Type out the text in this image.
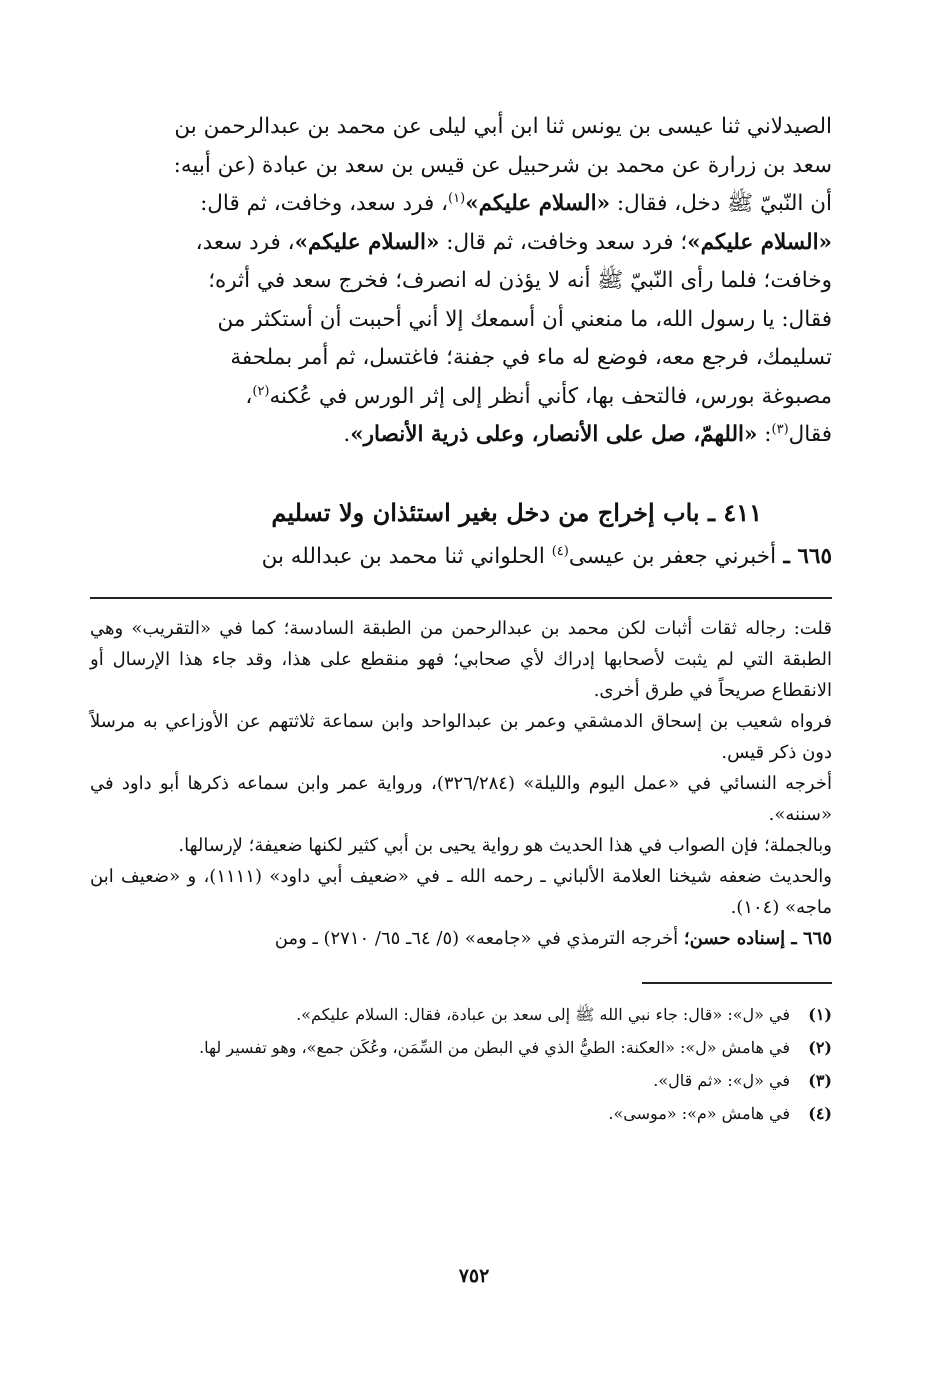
الصيدلاني ثنا عيسى بن يونس ثنا ابن أبي ليلى عن محمد بن عبدالرحمن بن

سعد بن زرارة عن محمد بن شرحبيل عن قيس بن سعد بن عبادة (عن أبيه:

أن النّبيّ ﷺ دخل، فقال: «السلام عليكم»$^{(١)}$، فرد سعد، وخافت، ثم قال:

«السلام عليكم»؛ فرد سعد وخافت، ثم قال: «السلام عليكم»، فرد سعد،

وخافت؛ فلما رأى النّبيّ ﷺ أنه لا يؤذن له انصرف؛ فخرج سعد في أثره؛

فقال: يا رسول الله، ما منعني أن أسمعك إلا أني أحببت أن أستكثر من

تسليمك، فرجع معه، فوضع له ماء في جفنة؛ فاغتسل، ثم أمر بملحفة

مصبوغة بورس، فالتحف بها، كأني أنظر إلى إثر الورس في عُكنه$^{(٢)}$،

فقال$^{(٣)}$: «اللهمّ، صل على الأنصار، وعلى ذرية الأنصار».

٤١١ ـ باب إخراج من دخل بغير استئذان ولا تسليم
٦٦٥ ـ أخبرني جعفر بن عيسى$^{(٤)}$ الحلواني ثنا محمد بن عبدالله بن

قلت: رجاله ثقات أثبات لكن محمد بن عبدالرحمن من الطبقة السادسة؛ كما في «التقريب» وهي الطبقة التي لم يثبت لأصحابها إدراك لأي صحابي؛ فهو منقطع على هذا، وقد جاء هذا الإرسال أو الانقطاع صريحاً في طرق أخرى.

فرواه شعيب بن إسحاق الدمشقي وعمر بن عبدالواحد وابن سماعة ثلاثتهم عن الأوزاعي به مرسلاً دون ذكر قيس.

أخرجه النسائي في «عمل اليوم والليلة» (٣٢٦/٢٨٤)، ورواية عمر وابن سماعه ذكرها أبو داود في «سننه».

وبالجملة؛ فإن الصواب في هذا الحديث هو رواية يحيى بن أبي كثير لكنها ضعيفة؛ لإرسالها.

والحديث ضعفه شيخنا العلامة الألباني ـ رحمه الله ـ في «ضعيف أبي داود» (١١١١)، و «ضعيف ابن ماجه» (١٠٤).

٦٦٥ ـ إسناده حسن؛ أخرجه الترمذي في «جامعه» (٥/ ٦٤ـ ٦٥/ ٢٧١٠) ـ ومن

(١)
في «ل»: «قال: جاء نبي الله ﷺ إلى سعد بن عبادة، فقال: السلام عليكم».
(٢)
في هامش «ل»: «العكنة: الطيُّ الذي في البطن من السِّمَن، وعُكَن جمع»، وهو تفسير لها.
(٣)
في «ل»: «ثم قال».
(٤)
في هامش «م»: «موسى».
٧٥٢
